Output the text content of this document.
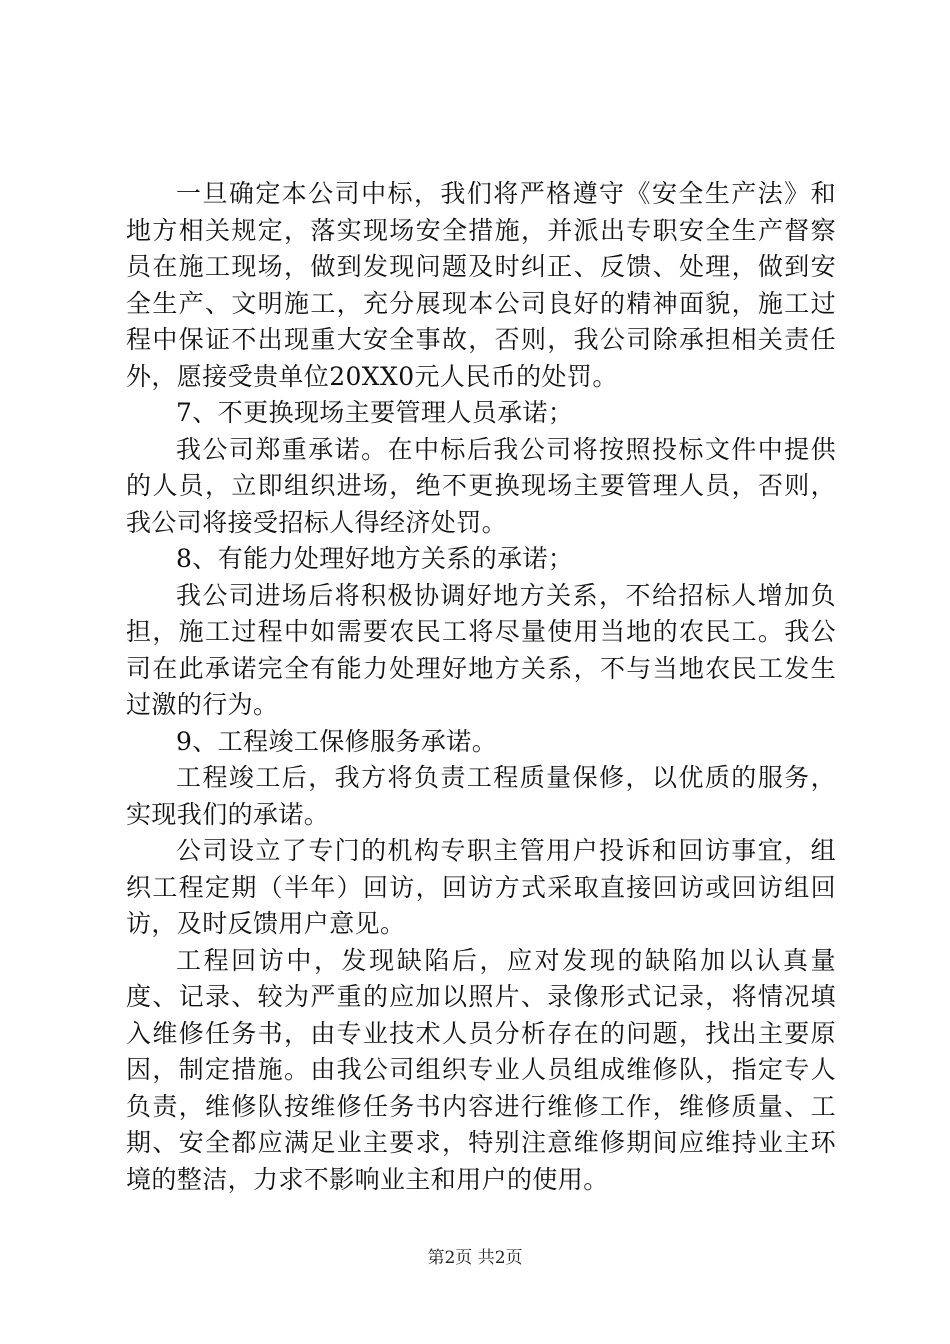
一旦确定本公司中标，我们将严格遵守《安全生产法》和地方相关规定，落实现场安全措施，并派出专职安全生产督察员在施工现场，做到发现问题及时纠正、反馈、处理，做到安全生产、文明施工，充分展现本公司良好的精神面貌，施工过程中保证不出现重大安全事故，否则，我公司除承担相关责任外，愿接受贵单位20XX0元人民币的处罚。

7、不更换现场主要管理人员承诺；

我公司郑重承诺。在中标后我公司将按照投标文件中提供的人员，立即组织进场，绝不更换现场主要管理人员，否则，我公司将接受招标人得经济处罚。

8、有能力处理好地方关系的承诺；

我公司进场后将积极协调好地方关系，不给招标人增加负担，施工过程中如需要农民工将尽量使用当地的农民工。我公司在此承诺完全有能力处理好地方关系，不与当地农民工发生过激的行为。

9、工程竣工保修服务承诺。

工程竣工后，我方将负责工程质量保修，以优质的服务，实现我们的承诺。

公司设立了专门的机构专职主管用户投诉和回访事宜，组织工程定期（半年）回访，回访方式采取直接回访或回访组回访，及时反馈用户意见。

工程回访中，发现缺陷后，应对发现的缺陷加以认真量度、记录、较为严重的应加以照片、录像形式记录，将情况填入维修任务书，由专业技术人员分析存在的问题，找出主要原因，制定措施。由我公司组织专业人员组成维修队，指定专人负责，维修队按维修任务书内容进行维修工作，维修质量、工期、安全都应满足业主要求，特别注意维修期间应维持业主环境的整洁，力求不影响业主和用户的使用。

第2页 共2页
